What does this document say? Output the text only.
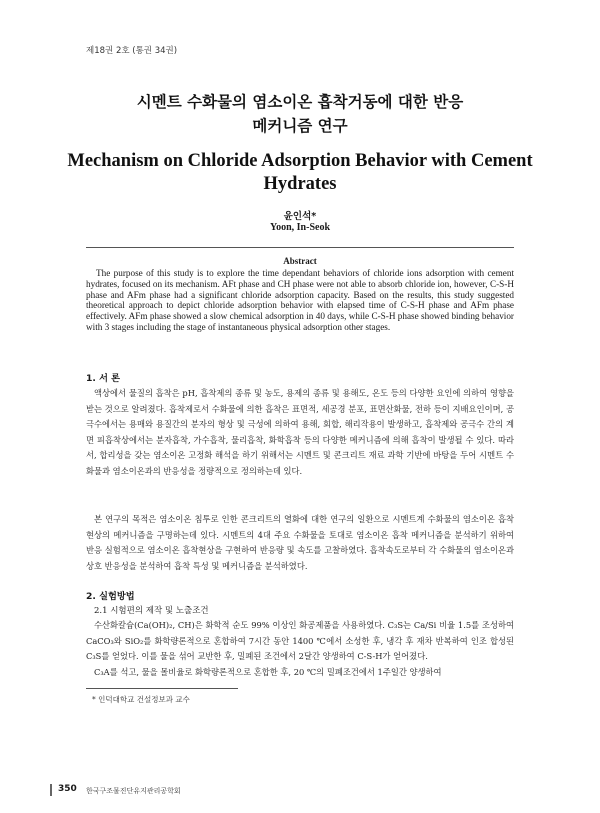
제18권 2호 (통권 34권)
시멘트 수화물의 염소이온 흡착거동에 대한 반응
메커니즘 연구
Mechanism on Chloride Adsorption Behavior with Cement
Hydrates
윤인석*
Yoon, In-Seok
Abstract

The purpose of this study is to explore the time dependant behaviors of chloride ions adsorption with cement hydrates, focused on its mechanism. AFt phase and CH phase were not able to absorb chloride ion, however, C-S-H phase and AFm phase had a significant chloride adsorption capacity. Based on the results, this study suggested theoretical approach to depict chloride adsorption behavior with elapsed time of C-S-H phase and AFm phase effectively. AFm phase showed a slow chemical adsorption in 40 days, while C-S-H phase showed binding behavior with 3 stages including the stage of instantaneous physical adsorption other stages.

1. 서 론

액상에서 물질의 흡착은 pH, 흡착제의 종류 및 농도, 용제의 종류 및 용해도, 온도 등의 다양한 요인에 의하여 영향을 받는 것으로 알려졌다. 흡착제로서 수화물에 의한 흡착은 표면적, 세공경 분포, 표면산화물, 전하 등이 지배요인이며, 공극수에서는 용매와 용질간의 분자의 형상 및 극성에 의하여 용해, 회합, 해리작용이 발생하고, 흡착제와 공극수 간의 계면 피흡착상에서는 분자흡착, 가수흡착, 물리흡착, 화학흡착 등의 다양한 메커니즘에 의해 흡착이 발생될 수 있다. 따라서, 합리성을 갖는 염소이온 고정화 해석을 하기 위해서는 시멘트 및 콘크리트 재료 과학 기반에 바탕을 두어 시멘트 수화물과 염소이온과의 반응성을 정량적으로 정의하는데 있다.

본 연구의 목적은 염소이온 침투로 인한 콘크리트의 열화에 대한 연구의 일환으로 시멘트계 수화물의 염소이온 흡착 현상의 메커니즘을 구명하는데 있다. 시멘트의 4대 주요 수화물을 토대로 염소이온 흡착 메커니즘을 분석하기 위하여 반응 실험적으로 염소이온 흡착현상을 구현하여 반응량 및 속도를 고찰하였다. 흡착속도로부터 각 수화물의 염소이온과 상호 반응성을 분석하여 흡착 특성 및 메커니즘을 분석하였다.

2. 실험방법
2.1 시험편의 제작 및 노출조건

수산화칼슘(Ca(OH)₂, CH)은 화학적 순도 99% 이상인 화공제품을 사용하였다. C₃S는 Ca/Si 비율 1.5를 조성하여 CaCO₃와 SiO₂를 화학량론적으로 혼합하여 7시간 동안 1400 ℃에서 소성한 후, 냉각 후 재차 반복하여 인조 합성된 C₃S를 얻었다. 이를 물을 섞어 교반한 후, 밀폐된 조건에서 2달간 양생하여 C-S-H가 얻어졌다.

C₃A를 석고, 물을 몰비율로 화학량론적으로 혼합한 후, 20 ℃의 밀폐조건에서 1주일간 양생하여

* 인덕대학교 건설정보과 교수
350 한국구조물진단유지관리공학회
